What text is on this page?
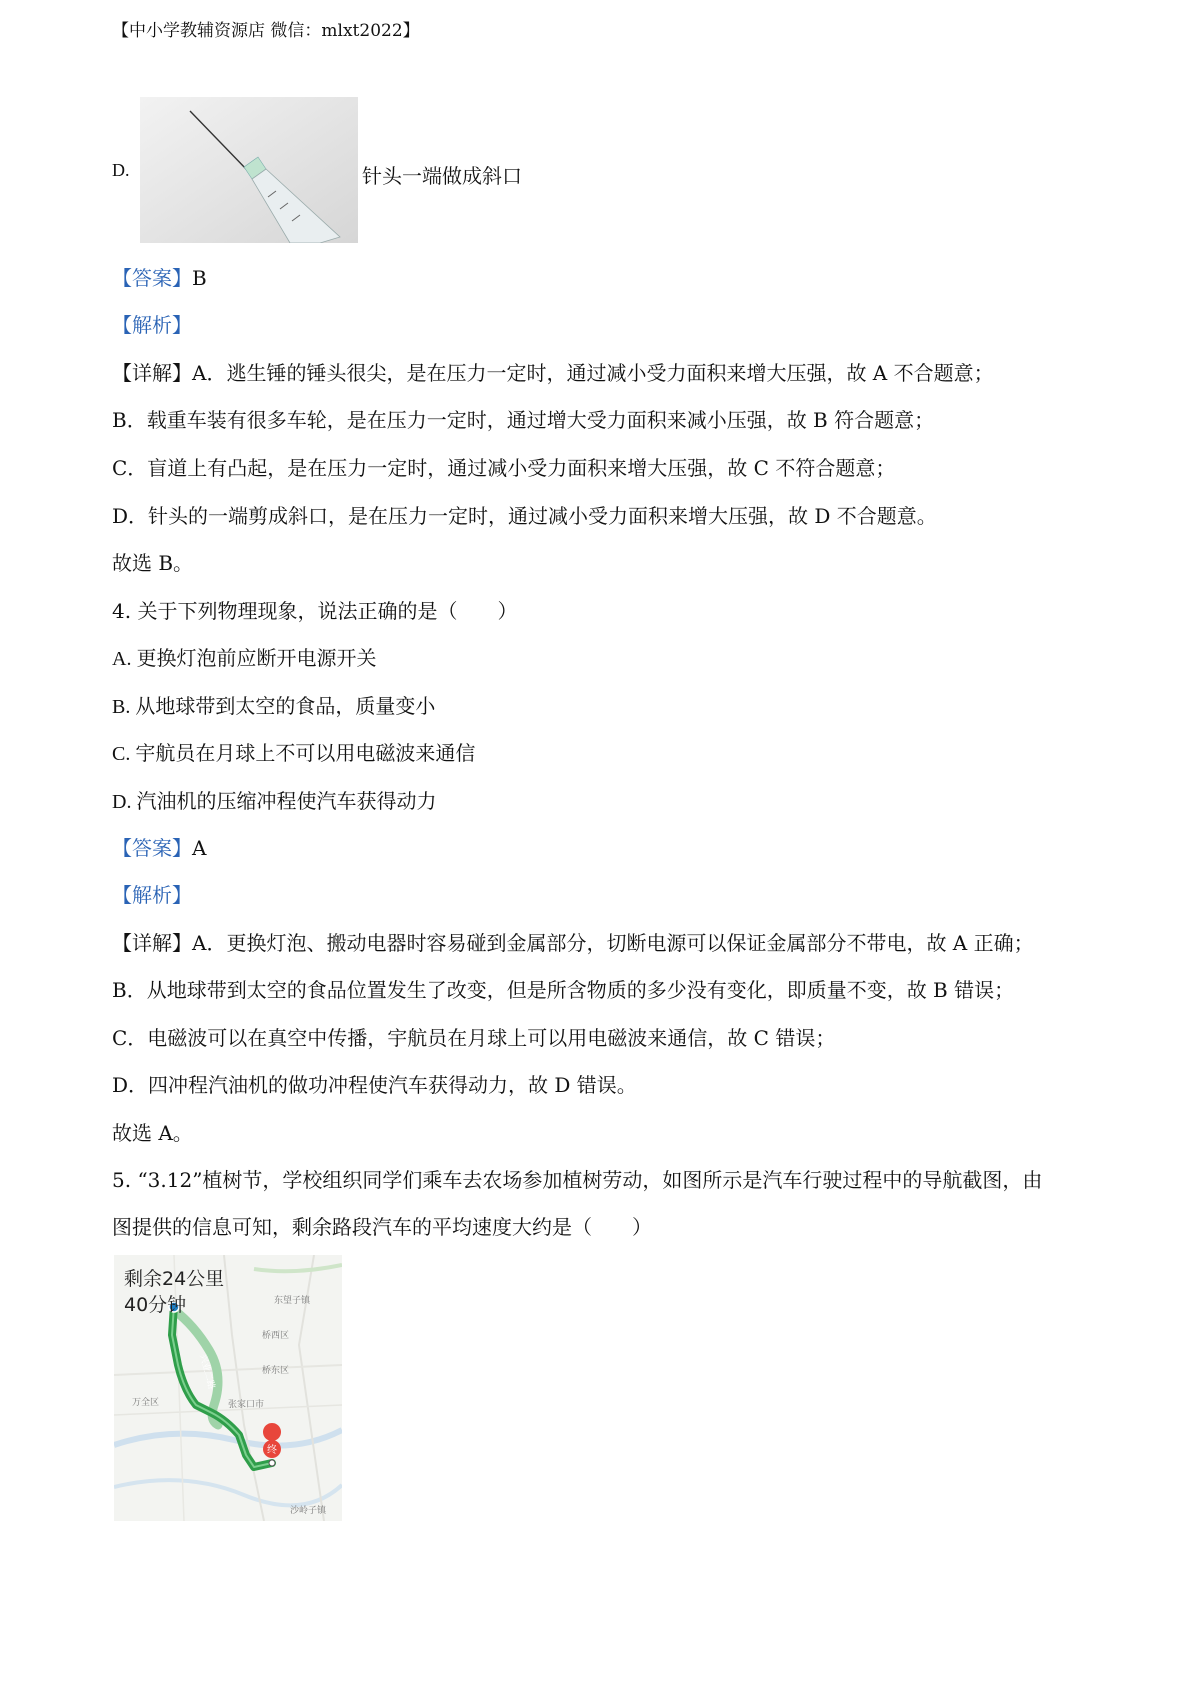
【中小学教辅资源店 微信：mlxt2022】
D.	针头一端做成斜口
【答案】B
【解析】
【详解】A．逃生锤的锤头很尖，是在压力一定时，通过减小受力面积来增大压强，故 A 不合题意；
B．载重车装有很多车轮，是在压力一定时，通过增大受力面积来减小压强，故 B 符合题意；
C．盲道上有凸起，是在压力一定时，通过减小受力面积来增大压强，故 C 不符合题意；
D．针头的一端剪成斜口，是在压力一定时，通过减小受力面积来增大压强，故 D 不合题意。
故选 B。
4. 关于下列物理现象，说法正确的是（　　）
A. 更换灯泡前应断开电源开关
B. 从地球带到太空的食品，质量变小
C. 宇航员在月球上不可以用电磁波来通信
D. 汽油机的压缩冲程使汽车获得动力
【答案】A
【解析】
【详解】A．更换灯泡、搬动电器时容易碰到金属部分，切断电源可以保证金属部分不带电，故 A 正确；
B．从地球带到太空的食品位置发生了改变，但是所含物质的多少没有变化，即质量不变，故 B 错误；
C．电磁波可以在真空中传播，宇航员在月球上可以用电磁波来通信，故 C 错误；
D．四冲程汽油机的做功冲程使汽车获得动力，故 D 错误。
故选 A。
5. “3.12”植树节，学校组织同学们乘车去农场参加植树劳动，如图所示是汽车行驶过程中的导航截图，由
图提供的信息可知，剩余路段汽车的平均速度大约是（　　）
终
东望子镇
桥西区
桥东区
万全区	张家口市
沙岭子镇
兴业二路
剩余24公里
40分钟
